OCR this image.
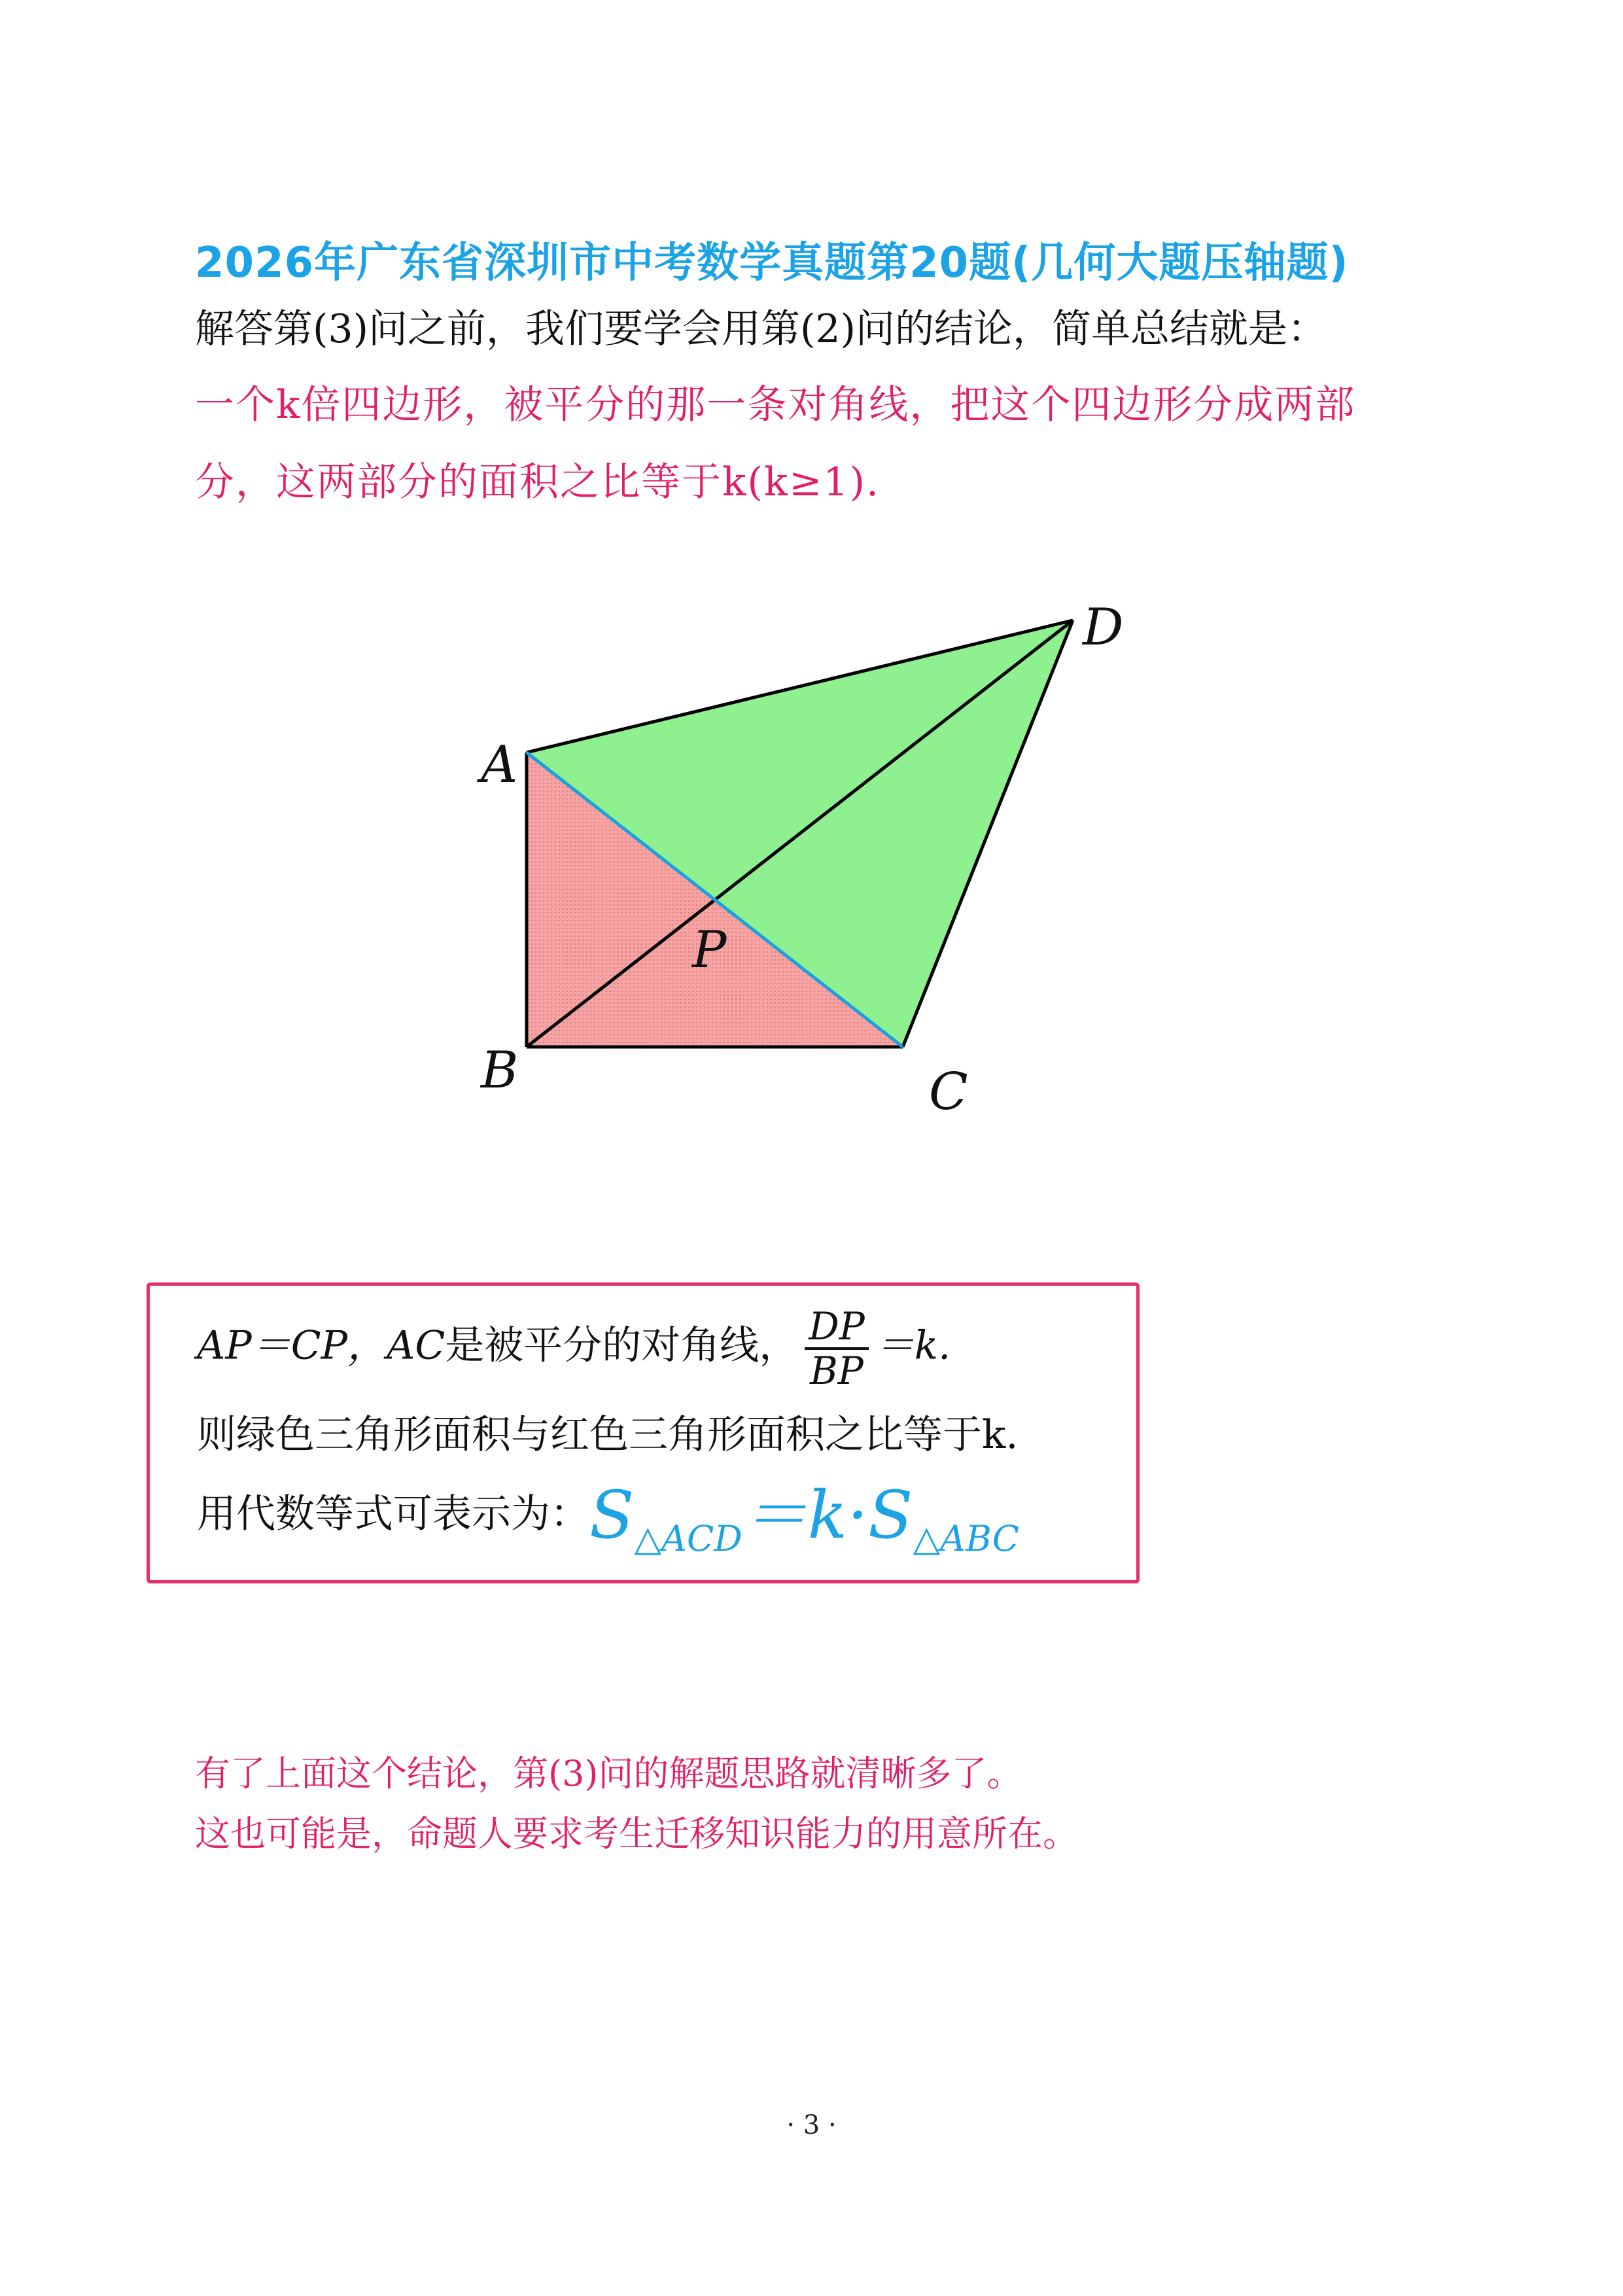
2026年广东省深圳市中考数学真题第20题(几何大题压轴题)
解答第(3)问之前，我们要学会用第(2)问的结论，简单总结就是：
一个k倍四边形，被平分的那一条对角线，把这个四边形分成两部
分，这两部分的面积之比等于k(k≥1).
A
B	C
D
P
AP＝CP，AC是被平分的对角线， $\frac{DP}{BP} =k$.
则绿色三角形面积与红色三角形面积之比等于k.
用代数等式可表示为：$S_{\triangle ACD}=k\cdot S_{\triangle ABC}$
有了上面这个结论，第(3)问的解题思路就清晰多了。
这也可能是，命题人要求考生迁移知识能力的用意所在。
· 3 ·
